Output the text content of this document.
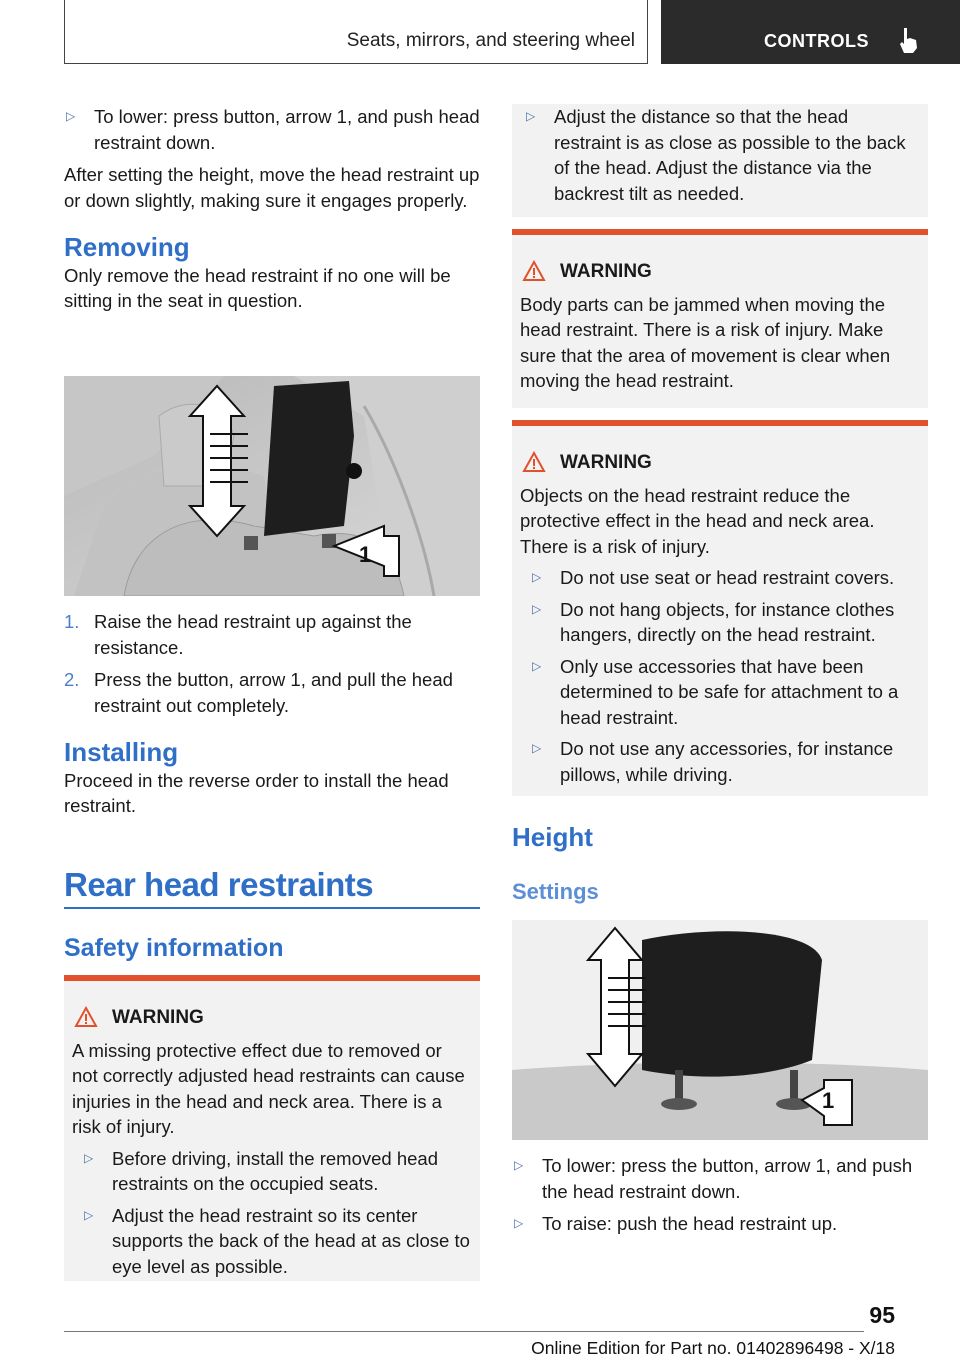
Seats, mirrors, and steering wheel	CONTROLS
▷ To lower: press button, arrow 1, and push head restraint down.

After setting the height, move the head restraint up or down slightly, making sure it engages properly.

Removing

Only remove the head restraint if no one will be sitting in the seat in question.

1
1. Raise the head restraint up against the resistance.
2. Press the button, arrow 1, and pull the head restraint out completely.
Installing

Proceed in the reverse order to install the head restraint.

Rear head restraints
Safety information
WARNING

A missing protective effect due to removed or not correctly adjusted head restraints can cause injuries in the head and neck area. There is a risk of injury.

▷ Before driving, install the removed head restraints on the occupied seats.
▷ Adjust the head restraint so its center supports the back of the head at as close to eye level as possible.
▷ Adjust the distance so that the head restraint is as close as possible to the back of the head. Adjust the distance via the backrest tilt as needed.
WARNING

Body parts can be jammed when moving the head restraint. There is a risk of injury. Make sure that the area of movement is clear when moving the head restraint.

WARNING

Objects on the head restraint reduce the protective effect in the head and neck area. There is a risk of injury.

▷ Do not use seat or head restraint covers.
▷ Do not hang objects, for instance clothes hangers, directly on the head restraint.
▷ Only use accessories that have been determined to be safe for attachment to a head restraint.
▷ Do not use any accessories, for instance pillows, while driving.
Height
Settings
1
▷ To lower: press the button, arrow 1, and push the head restraint down.
▷ To raise: push the head restraint up.
95
Online Edition for Part no. 01402896498 - X/18
